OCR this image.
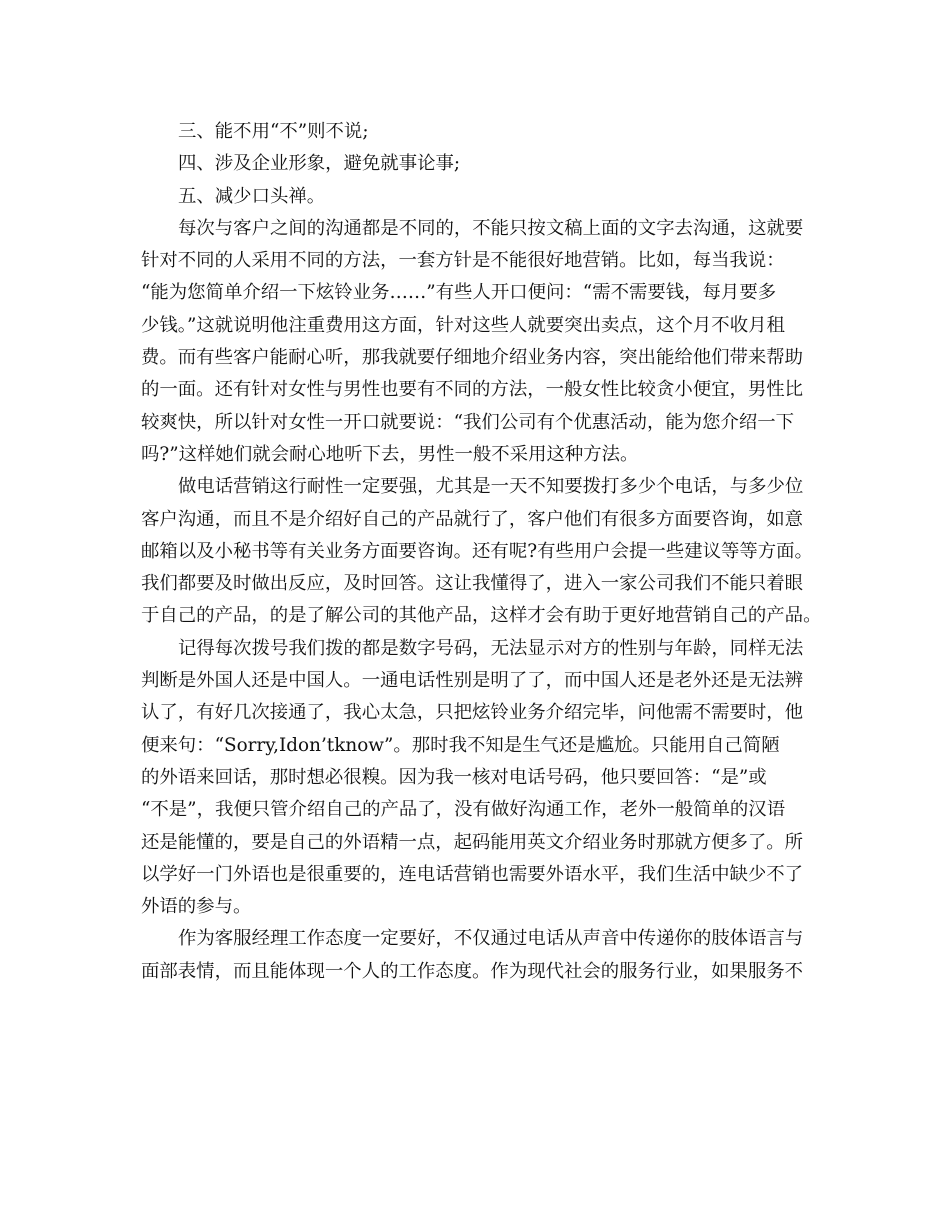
三、能不用“不”则不说;
四、涉及企业形象，避免就事论事;
五、减少口头禅。
每次与客户之间的沟通都是不同的，不能只按文稿上面的文字去沟通，这就要
针对不同的人采用不同的方法，一套方针是不能很好地营销。比如，每当我说：
“能为您简单介绍一下炫铃业务……”有些人开口便问：“需不需要钱，每月要多
少钱。”这就说明他注重费用这方面，针对这些人就要突出卖点，这个月不收月租
费。而有些客户能耐心听，那我就要仔细地介绍业务内容，突出能给他们带来帮助
的一面。还有针对女性与男性也要有不同的方法，一般女性比较贪小便宜，男性比
较爽快，所以针对女性一开口就要说：“我们公司有个优惠活动，能为您介绍一下
吗?”这样她们就会耐心地听下去，男性一般不采用这种方法。
做电话营销这行耐性一定要强，尤其是一天不知要拨打多少个电话，与多少位
客户沟通，而且不是介绍好自己的产品就行了，客户他们有很多方面要咨询，如意
邮箱以及小秘书等有关业务方面要咨询。还有呢?有些用户会提一些建议等等方面。
我们都要及时做出反应，及时回答。这让我懂得了，进入一家公司我们不能只着眼
于自己的产品，的是了解公司的其他产品，这样才会有助于更好地营销自己的产品。
记得每次拨号我们拨的都是数字号码，无法显示对方的性别与年龄，同样无法
判断是外国人还是中国人。一通电话性别是明了了，而中国人还是老外还是无法辨
认了，有好几次接通了，我心太急，只把炫铃业务介绍完毕，问他需不需要时，他
便来句：“Sorry,Idon’tknow”。那时我不知是生气还是尴尬。只能用自己简陋
的外语来回话，那时想必很糗。因为我一核对电话号码，他只要回答：“是”或
“不是”，我便只管介绍自己的产品了，没有做好沟通工作，老外一般简单的汉语
还是能懂的，要是自己的外语精一点，起码能用英文介绍业务时那就方便多了。所
以学好一门外语也是很重要的，连电话营销也需要外语水平，我们生活中缺少不了
外语的参与。
作为客服经理工作态度一定要好，不仅通过电话从声音中传递你的肢体语言与
面部表情，而且能体现一个人的工作态度。作为现代社会的服务行业，如果服务不
